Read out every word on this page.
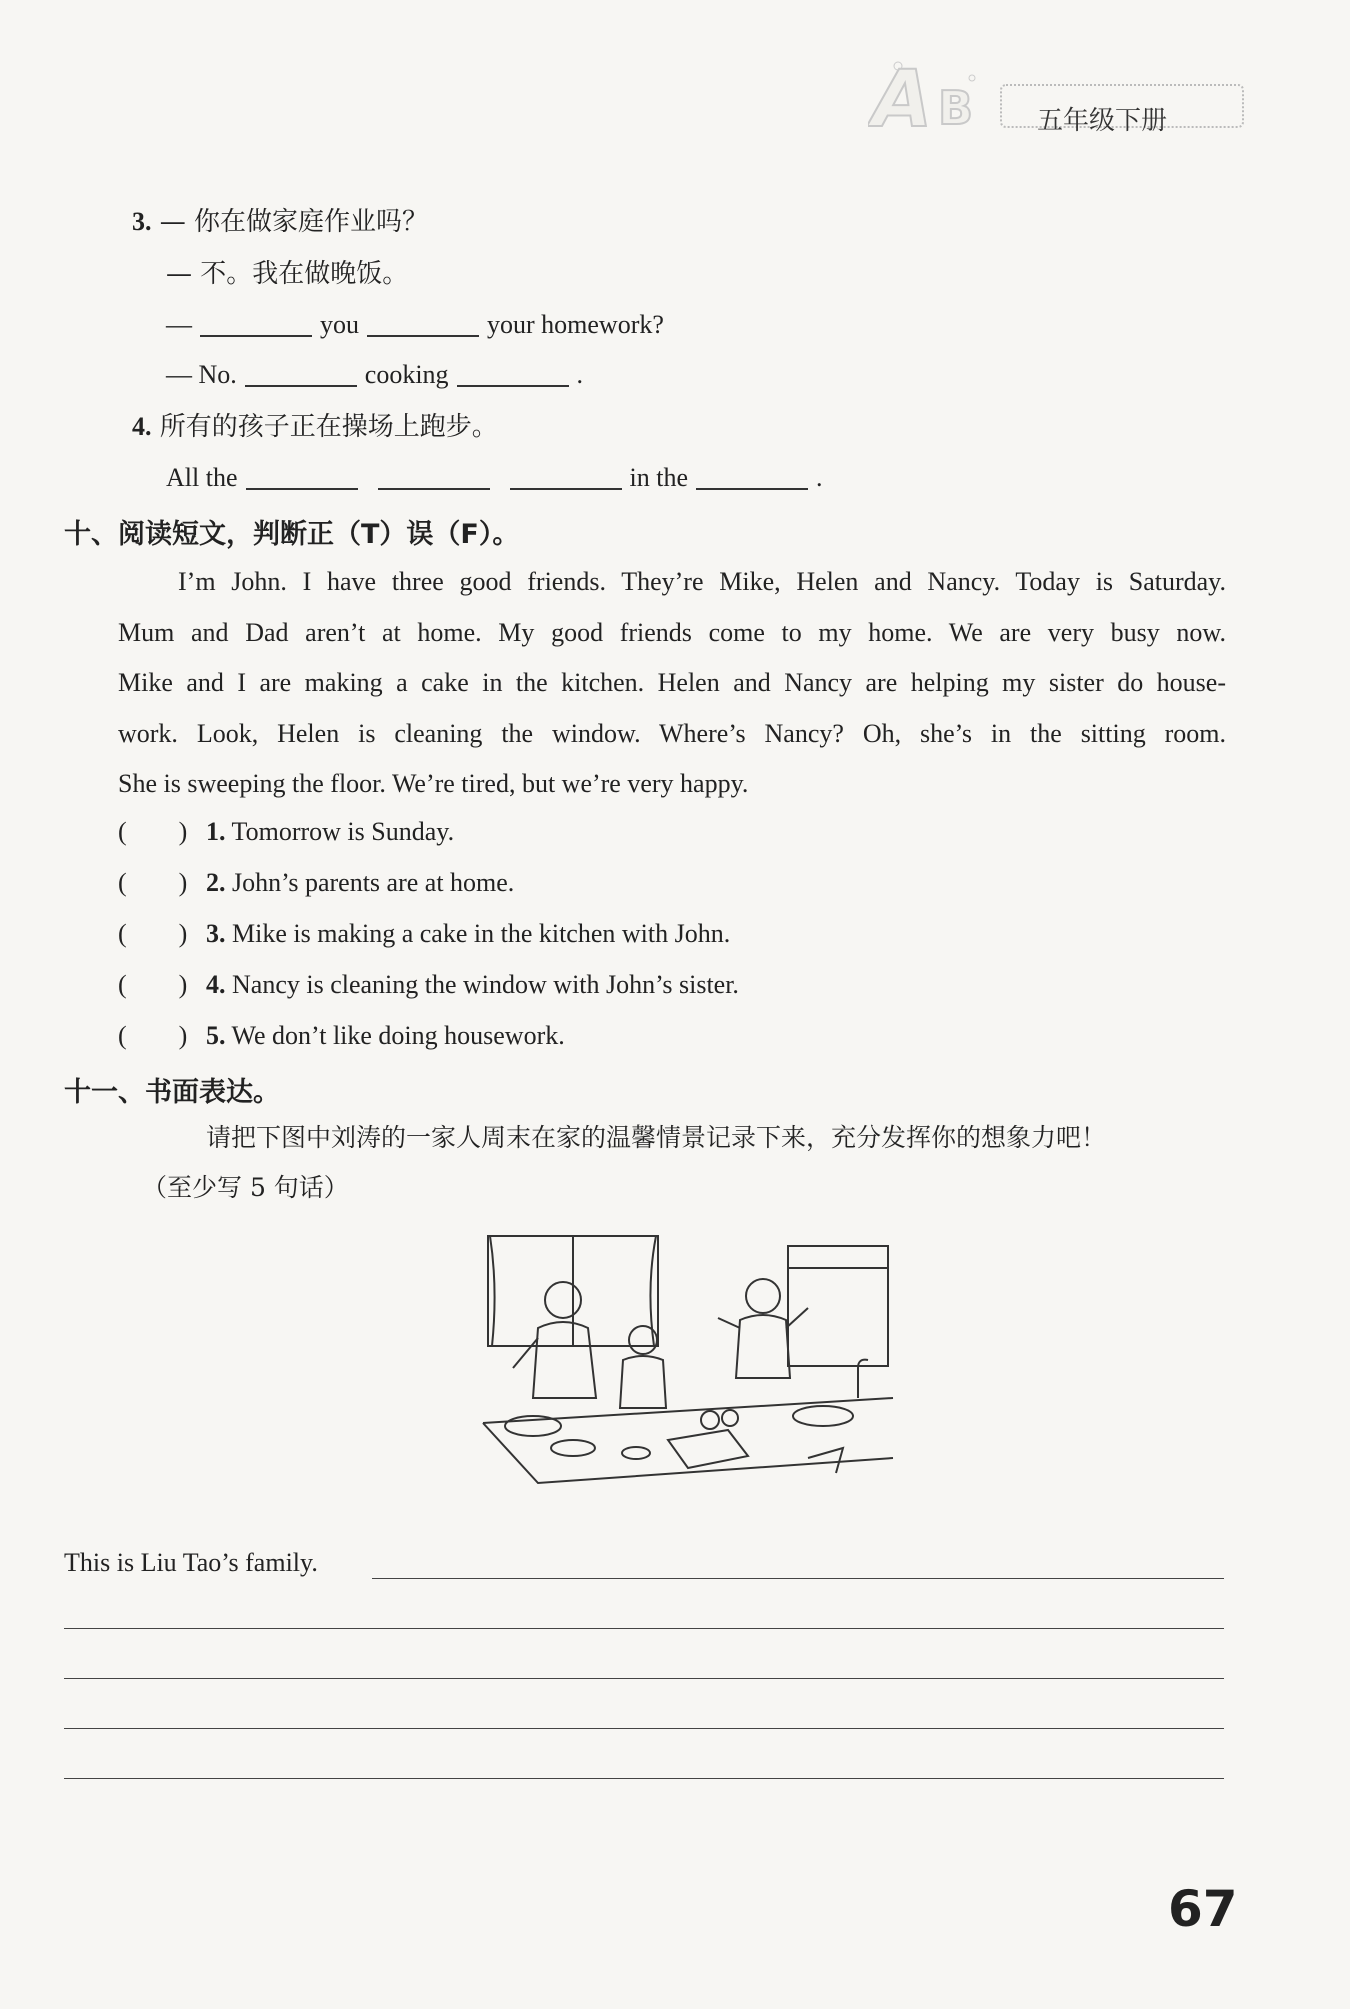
A B 五年级下册
3. — 你在做家庭作业吗？
— 不。我在做晚饭。
—	you	your homework?
— No.	cooking	.
4. 所有的孩子正在操场上跑步。
All the	in the	.
十、阅读短文，判断正（T）误（F）。
I’m John. I have three good friends. They’re Mike, Helen and Nancy. Today is Saturday.
Mum and Dad aren’t at home. My good friends come to my home. We are very busy now.
Mike and I are making a cake in the kitchen. Helen and Nancy are helping my sister do house-
work. Look, Helen is cleaning the window. Where’s Nancy? Oh, she’s in the sitting room.
She is sweeping the floor. We’re tired, but we’re very happy.
(　　) 1. Tomorrow is Sunday.
(　　) 2. John’s parents are at home.
(　　) 3. Mike is making a cake in the kitchen with John.
(　　) 4. Nancy is cleaning the window with John’s sister.
(　　) 5. We don’t like doing housework.
十一、书面表达。
请把下图中刘涛的一家人周末在家的温馨情景记录下来，充分发挥你的想象力吧！
（至少写 5 句话）
This is Liu Tao’s family.
67
